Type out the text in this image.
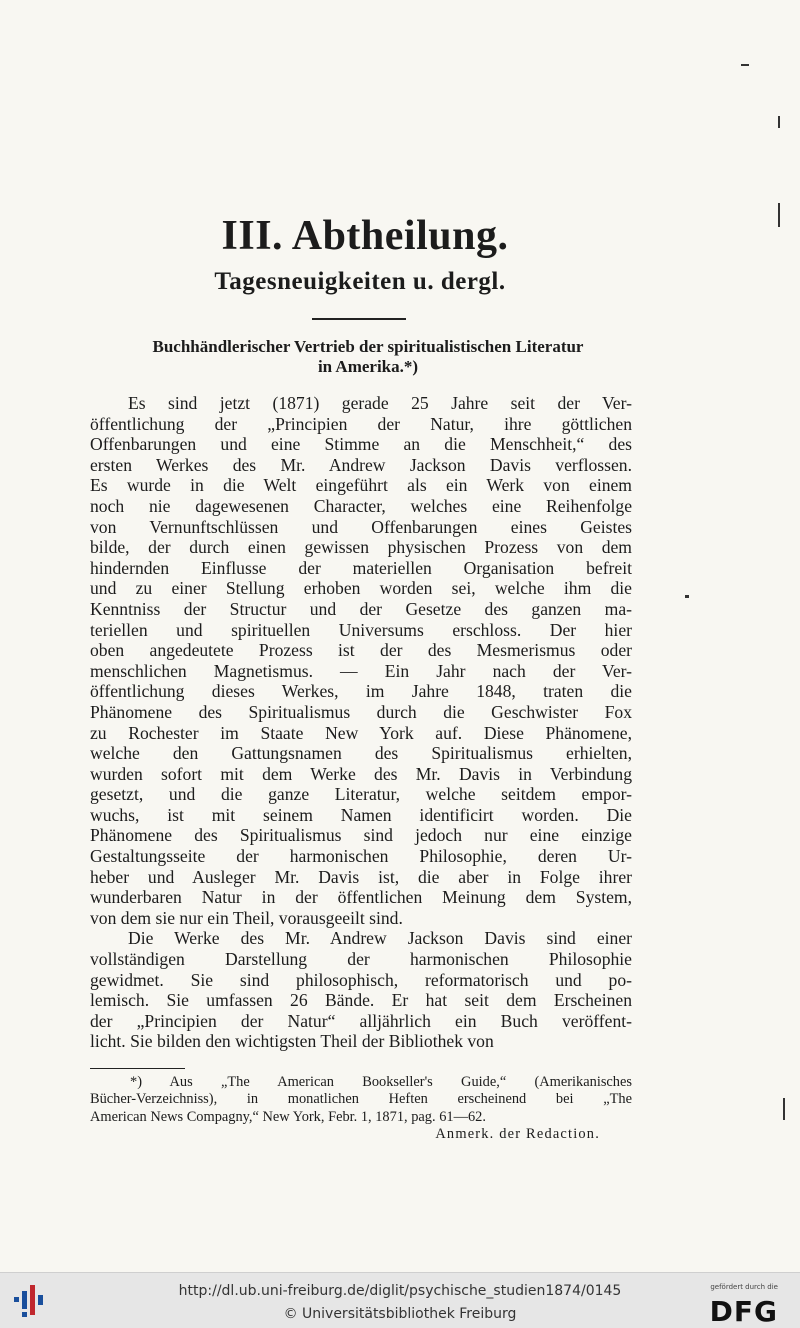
III. Abtheilung.
Tagesneuigkeiten u. dergl.
Buchhändlerischer Vertrieb der spiritualistischen Literatur
in Amerika.*)
Es sind jetzt (1871) gerade 25 Jahre seit der Ver-
öffentlichung der „Principien der Natur, ihre göttlichen
Offenbarungen und eine Stimme an die Menschheit,“ des
ersten Werkes des Mr. Andrew Jackson Davis verflossen.
Es wurde in die Welt eingeführt als ein Werk von einem
noch nie dagewesenen Character, welches eine Reihenfolge
von Vernunftschlüssen und Offenbarungen eines Geistes
bilde, der durch einen gewissen physischen Prozess von dem
hindernden Einflusse der materiellen Organisation befreit
und zu einer Stellung erhoben worden sei, welche ihm die
Kenntniss der Structur und der Gesetze des ganzen ma-
teriellen und spirituellen Universums erschloss. Der hier
oben angedeutete Prozess ist der des Mesmerismus oder
menschlichen Magnetismus. — Ein Jahr nach der Ver-
öffentlichung dieses Werkes, im Jahre 1848, traten die
Phänomene des Spiritualismus durch die Geschwister Fox
zu Rochester im Staate New York auf. Diese Phänomene,
welche den Gattungsnamen des Spiritualismus erhielten,
wurden sofort mit dem Werke des Mr. Davis in Verbindung
gesetzt, und die ganze Literatur, welche seitdem empor-
wuchs, ist mit seinem Namen identificirt worden. Die
Phänomene des Spiritualismus sind jedoch nur eine einzige
Gestaltungsseite der harmonischen Philosophie, deren Ur-
heber und Ausleger Mr. Davis ist, die aber in Folge ihrer
wunderbaren Natur in der öffentlichen Meinung dem System,
von dem sie nur ein Theil, vorausgeeilt sind.
Die Werke des Mr. Andrew Jackson Davis sind einer
vollständigen Darstellung der harmonischen Philosophie
gewidmet. Sie sind philosophisch, reformatorisch und po-
lemisch. Sie umfassen 26 Bände. Er hat seit dem Erscheinen
der „Principien der Natur“ alljährlich ein Buch veröffent-
licht. Sie bilden den wichtigsten Theil der Bibliothek von
*) Aus „The American Bookseller's Guide,“ (Amerikanisches
Bücher-Verzeichniss), in monatlichen Heften erscheinend bei „The
American News Compagny,“ New York, Febr. 1, 1871, pag. 61—62.
Anmerk. der Redaction.
http://dl.ub.uni-freiburg.de/diglit/psychische_studien1874/0145
© Universitätsbibliothek Freiburg
gefördert durch die
DFG
